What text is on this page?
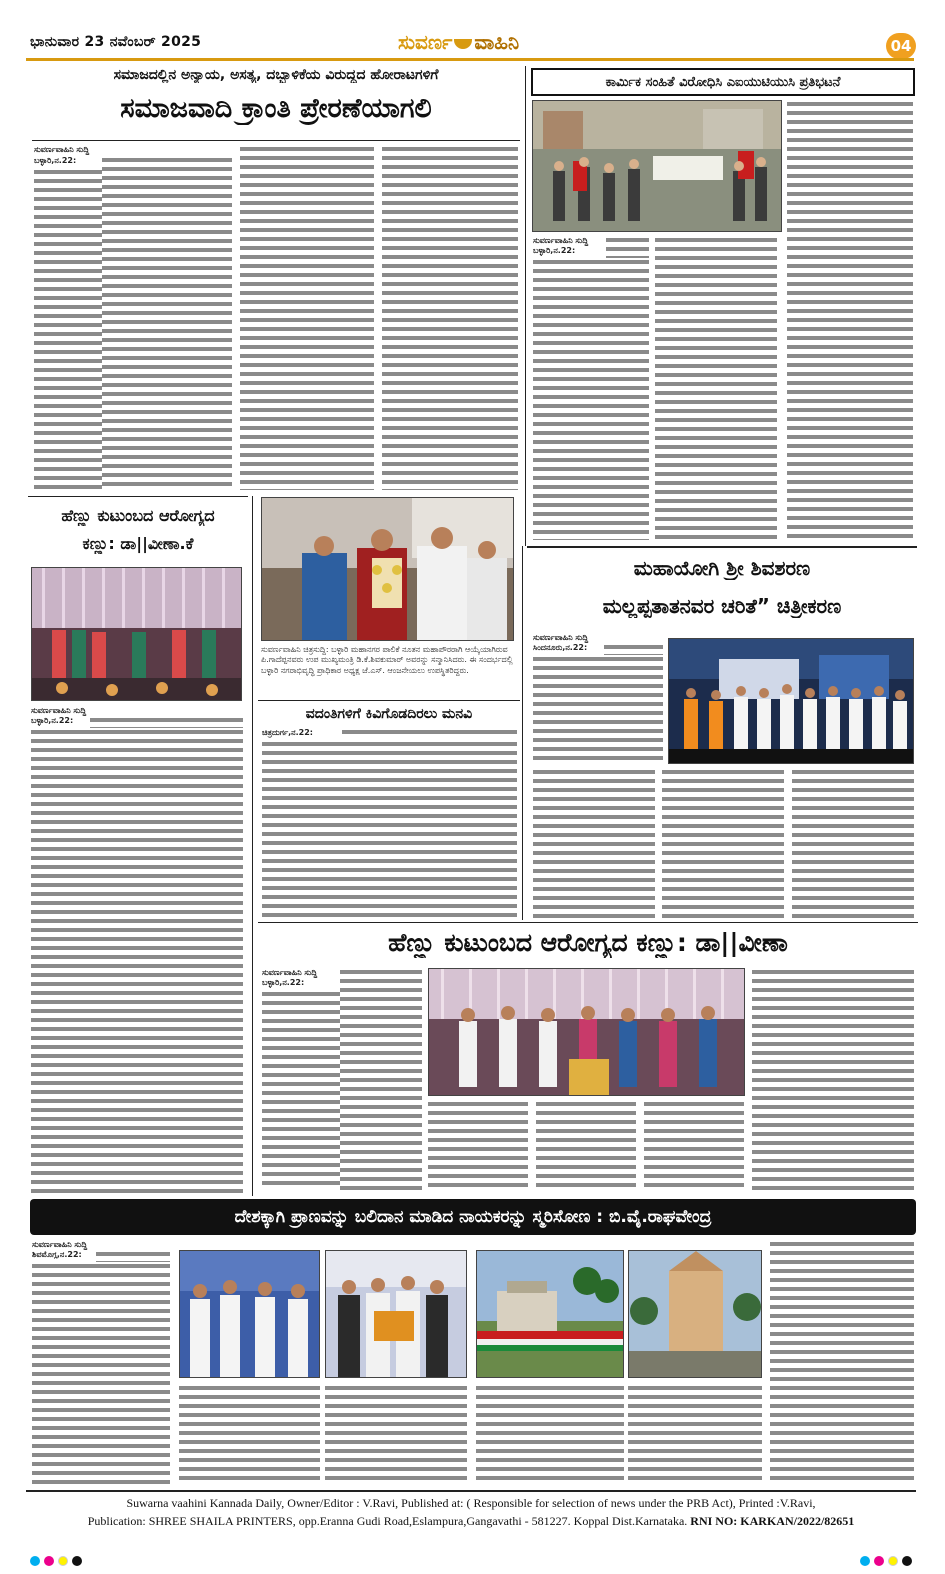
ಭಾನುವಾರ 23 ನವೆಂಬರ್ 2025	ಸುವರ್ಣ ವಾಹಿನಿ	04
ಸಮಾಜದಲ್ಲಿನ ಅನ್ಯಾಯ, ಅಸತ್ಯ, ದಬ್ಬಾಳಿಕೆಯ ವಿರುದ್ಧದ ಹೋರಾಟಗಳಿಗೆ
ಸಮಾಜವಾದಿ ಕ್ರಾಂತಿ ಪ್ರೇರಣೆಯಾಗಲಿ
ಸುವರ್ಣವಾಹಿನಿ ಸುದ್ದಿ
ಬಳ್ಳಾರಿ,ನ.22:
ಕಾರ್ಮಿಕ ಸಂಹಿತೆ ವಿರೋಧಿಸಿ ಎಐಯುಟಿಯುಸಿ ಪ್ರತಿಭಟನೆ
ಸುವರ್ಣವಾಹಿನಿ ಸುದ್ದಿ
ಬಳ್ಳಾರಿ,ನ.22:
ಹೆಣ್ಣು ಕುಟುಂಬದ ಆರೋಗ್ಯದ
ಕಣ್ಣು: ಡಾ||ವೀಣಾ.ಕೆ
ಸುವರ್ಣವಾಹಿನಿ ಸುದ್ದಿ
ಬಳ್ಳಾರಿ,ನ.22:
ಸುವರ್ಣವಾಹಿನಿ ಚಿತ್ರಸುದ್ದಿ: ಬಳ್ಳಾರಿ ಮಹಾನಗರ ಪಾಲಿಕೆ ನೂತನ ಮಹಾಪೌರರಾಗಿ ಆಯ್ಕೆಯಾಗಿರುವ ಪಿ.ಗಾದೆಪ್ಪನವರು ಉಪ ಮುಖ್ಯಮಂತ್ರಿ ಡಿ.ಕೆ.ಶಿವಕುಮಾರ್ ಅವರನ್ನು ಸನ್ಮಾನಿಸಿದರು. ಈ ಸಂದರ್ಭದಲ್ಲಿ ಬಳ್ಳಾರಿ ನಗರಾಭಿವೃದ್ಧಿ ಪ್ರಾಧಿಕಾರ ಅಧ್ಯಕ್ಷ ಜೆ.ಎಸ್. ಆಂಜನೇಯಲು ಉಪಸ್ಥಿತರಿದ್ದರು.
ವದಂತಿಗಳಿಗೆ ಕಿವಿಗೊಡದಿರಲು ಮನವಿ
ಚಿತ್ರದುರ್ಗ,ನ.22:
ಮಹಾಯೋಗಿ ಶ್ರೀ ಶಿವಶರಣ
ಮಲ್ಲಪ್ಪತಾತನವರ ಚರಿತೆ” ಚಿತ್ರೀಕರಣ
ಸುವರ್ಣವಾಹಿನಿ ಸುದ್ದಿ
ಸಿಂದನೂರು,ನ.22:
ಹೆಣ್ಣು ಕುಟುಂಬದ ಆರೋಗ್ಯದ ಕಣ್ಣು: ಡಾ||ವೀಣಾ
ಸುವರ್ಣವಾಹಿನಿ ಸುದ್ದಿ
ಬಳ್ಳಾರಿ,ನ.22:
ದೇಶಕ್ಕಾಗಿ ಪ್ರಾಣವನ್ನು ಬಲಿದಾನ ಮಾಡಿದ ನಾಯಕರನ್ನು ಸ್ಮರಿಸೋಣ : ಬಿ.ವೈ.ರಾಘವೇಂದ್ರ
ಸುವರ್ಣವಾಹಿನಿ ಸುದ್ದಿ
ಶಿವಮೊಗ್ಗ,ನ.22:
Suwarna vaahini Kannada Daily, Owner/Editor : V.Ravi, Published at: ( Responsible for selection of news under the PRB Act), Printed :V.Ravi,
Publication: SHREE SHAILA PRINTERS, opp.Eranna Gudi Road,Eslampura,Gangavathi - 581227. Koppal Dist.Karnataka. RNI NO: KARKAN/2022/82651
